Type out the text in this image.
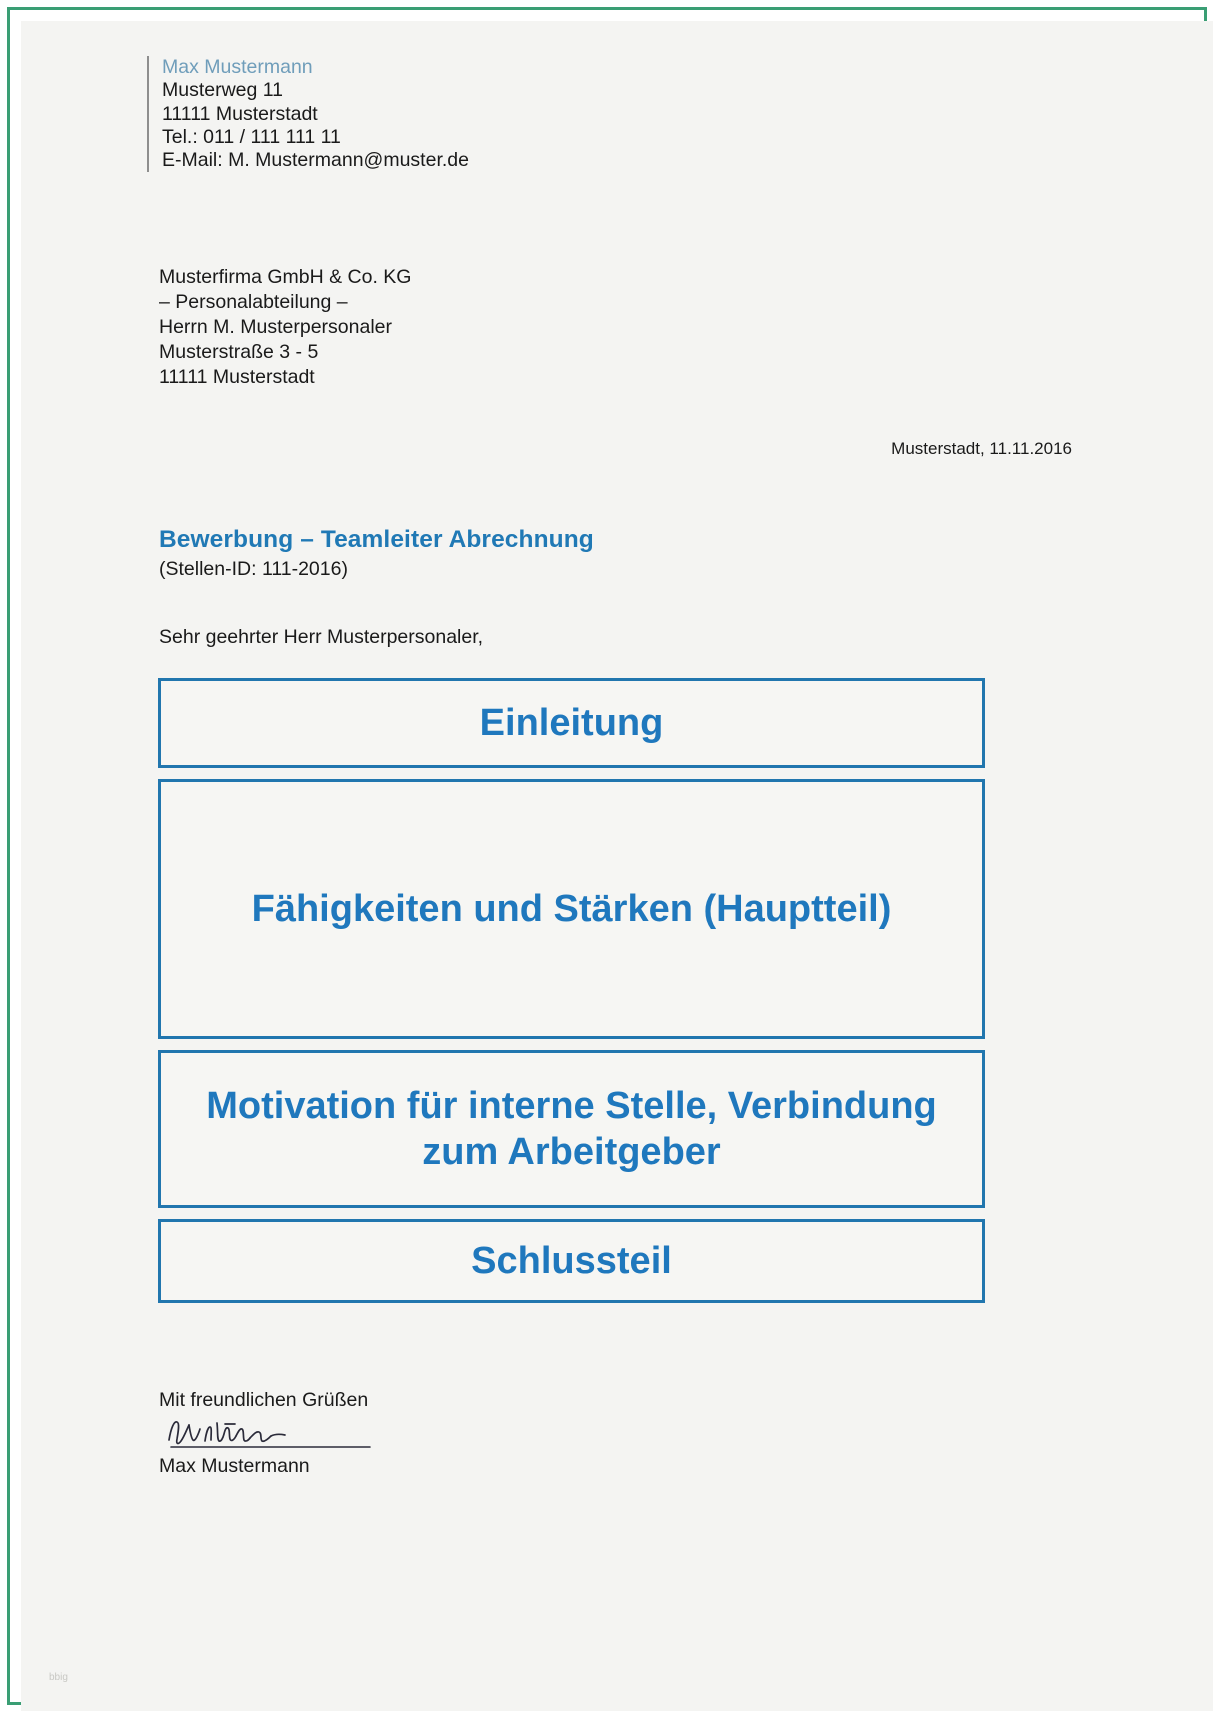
Max Mustermann
Musterweg 11
11111 Musterstadt
Tel.: 011 / 111 111 11
E-Mail: M. Mustermann@muster.de
Musterfirma GmbH & Co. KG
– Personalabteilung –
Herrn M. Musterpersonaler
Musterstraße 3 - 5
11111 Musterstadt
Musterstadt, 11.11.2016
Bewerbung – Teamleiter Abrechnung
(Stellen-ID: 111-2016)
Sehr geehrter Herr Musterpersonaler,
Einleitung
Fähigkeiten und Stärken (Hauptteil)
Motivation für interne Stelle, Verbindung zum Arbeitgeber
Schlussteil
Mit freundlichen Grüßen
Max Mustermann
bbig
